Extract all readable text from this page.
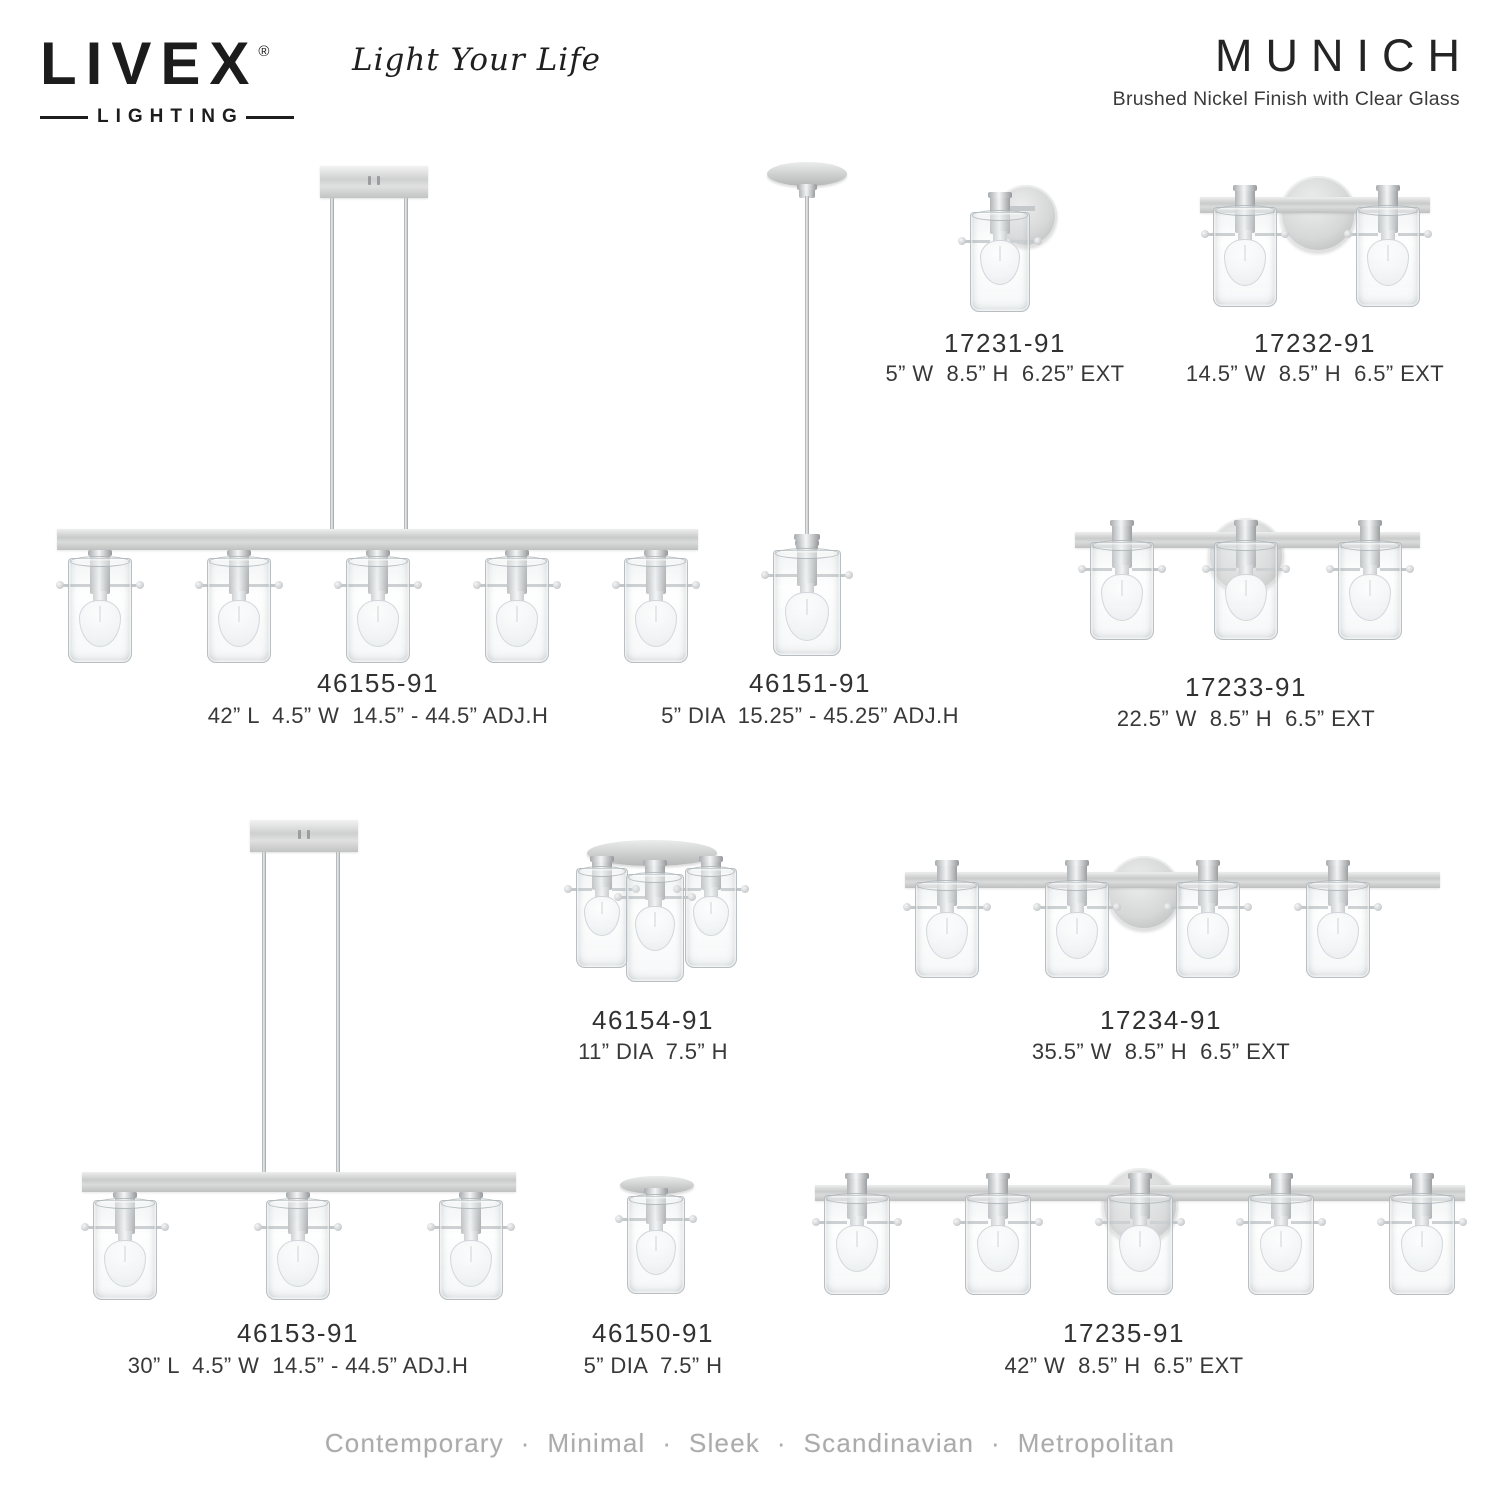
LIVEX®
LIGHTING
Light Your Life	MUNICH
Brushed Nickel Finish with Clear Glass
46155-91
42” L  4.5” W  14.5” - 44.5” ADJ.H
46151-91
5” DIA  15.25” - 45.25” ADJ.H
17231-91
5” W  8.5” H  6.25” EXT
17232-91
14.5” W  8.5” H  6.5” EXT
17233-91
22.5” W  8.5” H  6.5” EXT
46153-91
30” L  4.5” W  14.5” - 44.5” ADJ.H
46154-91
11” DIA  7.5” H
17234-91
35.5” W  8.5” H  6.5” EXT
46150-91
5” DIA  7.5” H
17235-91
42” W  8.5” H  6.5” EXT
Contemporary  ·  Minimal  ·  Sleek  ·  Scandinavian  ·  Metropolitan
